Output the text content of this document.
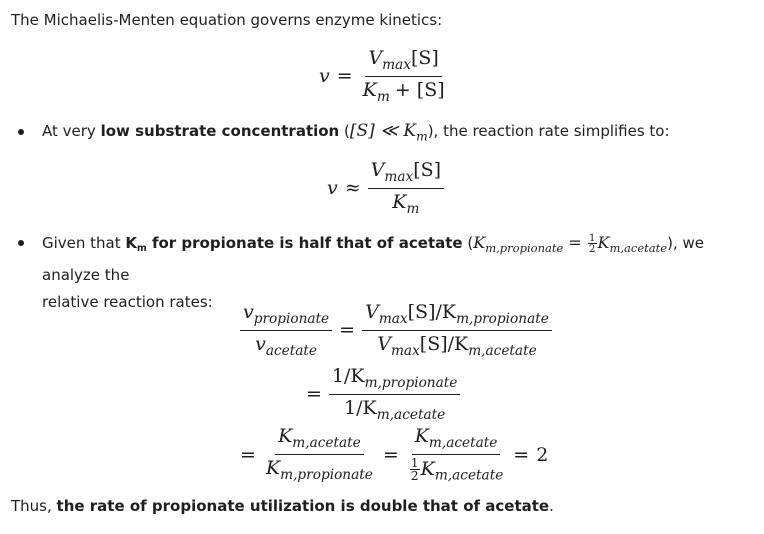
The Michaelis-Menten equation governs enzyme kinetics:
$v = \frac{V_{max}[S]}{K_m + [S]}$
At very low substrate concentration ([S] ≪ $K_m$), the reaction rate simplifies to:
$v \approx \frac{V_{max}[S]}{K_m}$
Given that Km for propionate is half that of acetate $(K_{m,propionate} = \frac{1}{2} K_{m,acetate})$, we analyze the
relative reaction rates:	$\frac{v_{propionate}}{v_{acetate}} = \frac{V_{max}[S]/K_{m,propionate}}{V_{max}[S]/K_{m,acetate}}$
= $\frac{1/K_{m,propionate}}{1/K_{m,acetate}}$
= $\frac{K_{m,acetate}}{K_{m,propionate}} = \frac{K_{m,acetate}}{\frac{1}{2} K_{m,acetate}} = 2$
Thus, the rate of propionate utilization is double that of acetate.
